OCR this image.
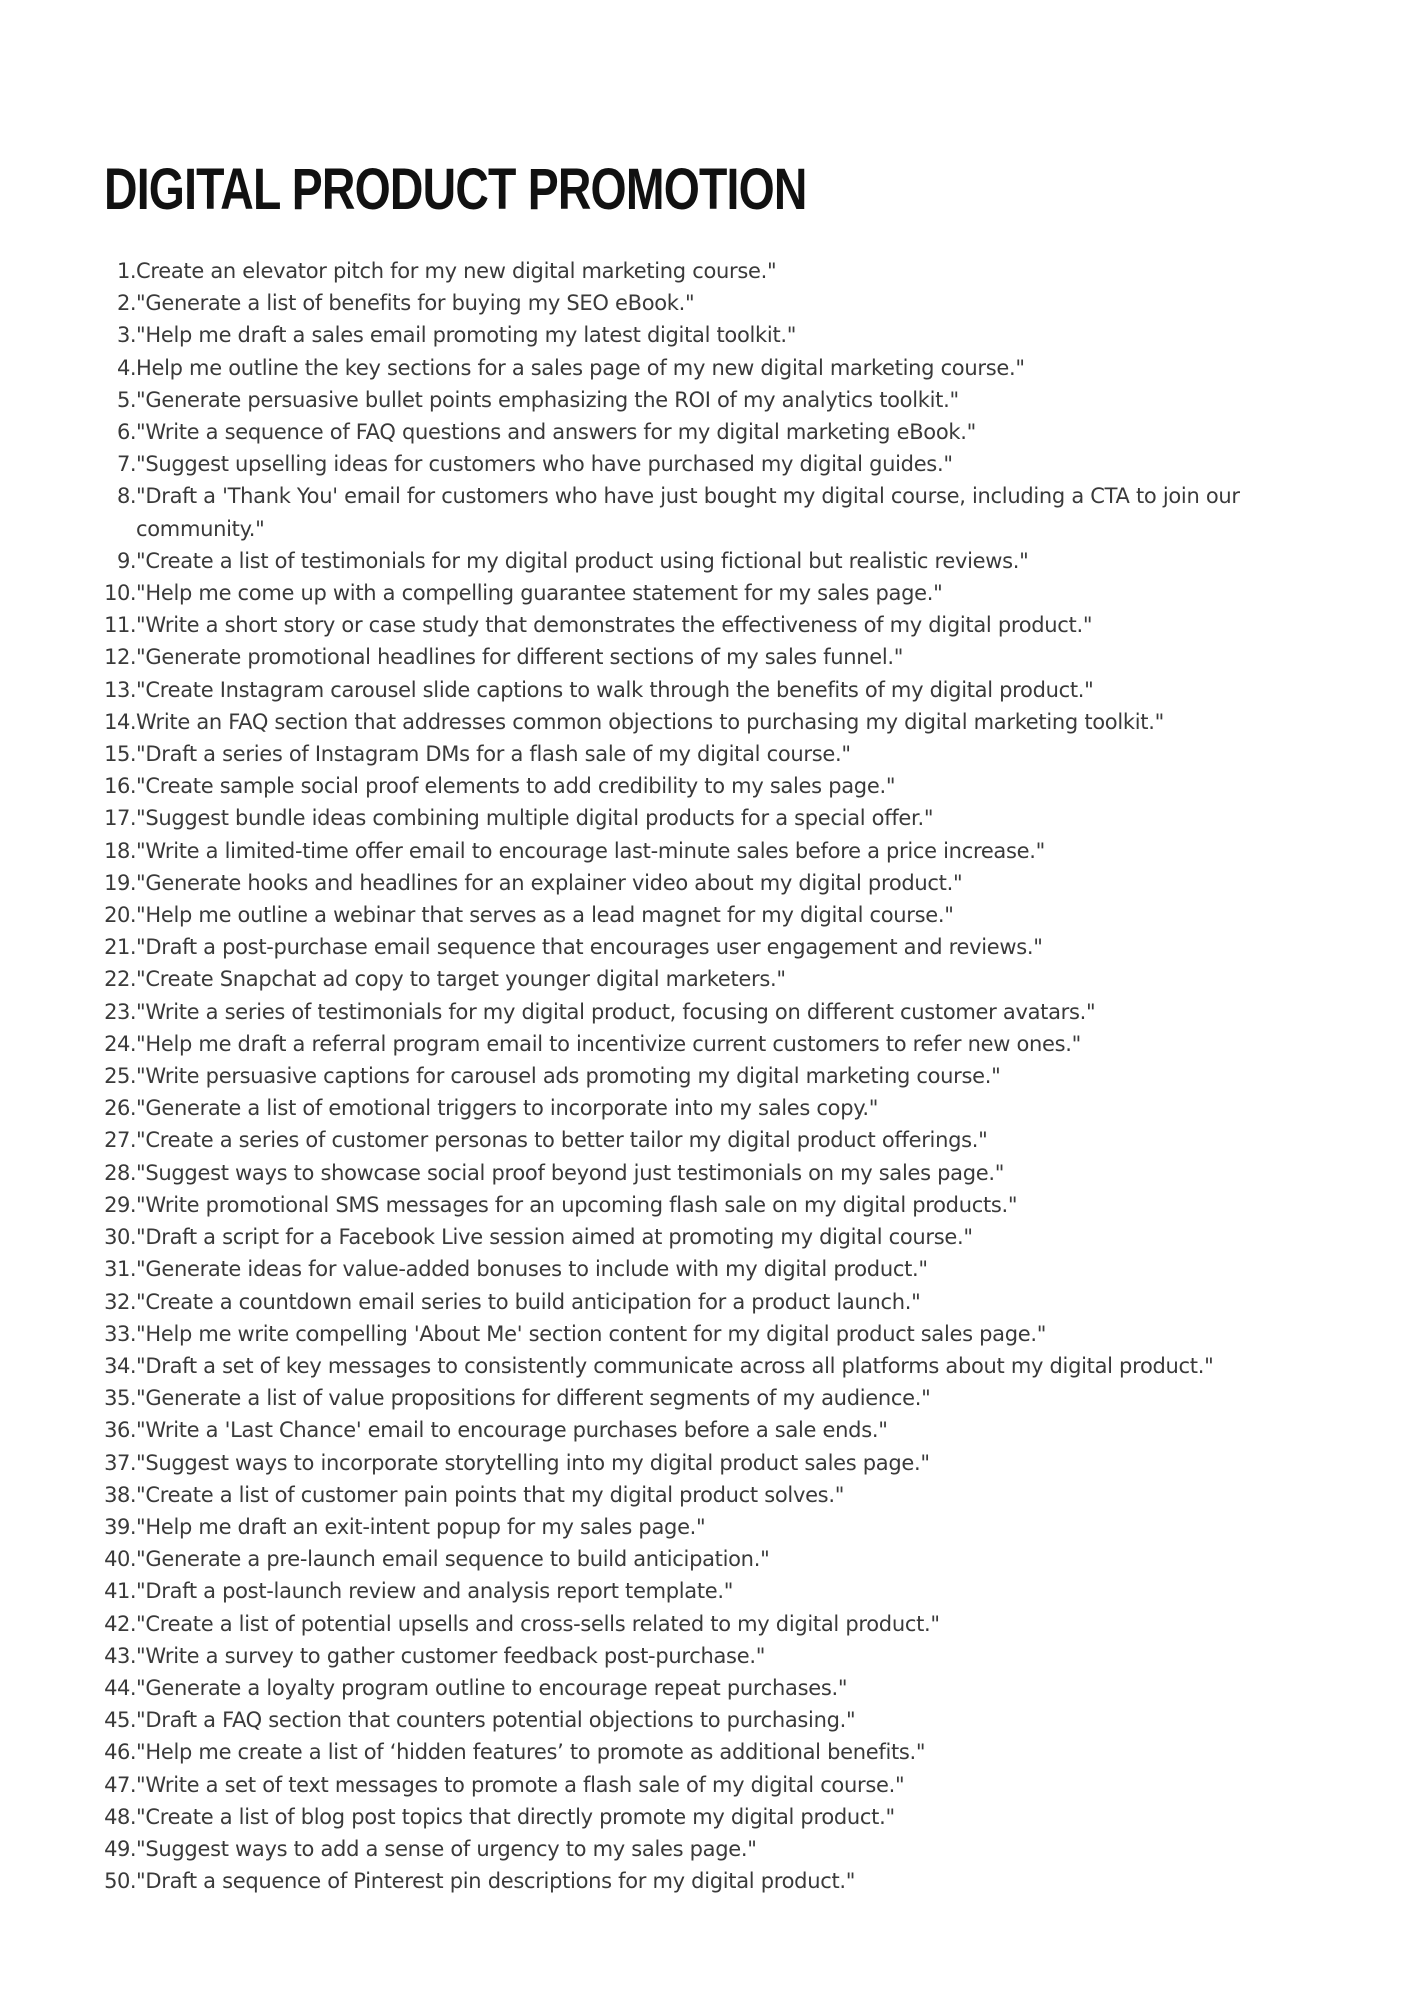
DIGITAL PRODUCT PROMOTION
1. Create an elevator pitch for my new digital marketing course."
2. "Generate a list of benefits for buying my SEO eBook."
3. "Help me draft a sales email promoting my latest digital toolkit."
4. Help me outline the key sections for a sales page of my new digital marketing course."
5. "Generate persuasive bullet points emphasizing the ROI of my analytics toolkit."
6. "Write a sequence of FAQ questions and answers for my digital marketing eBook."
7. "Suggest upselling ideas for customers who have purchased my digital guides."
8. "Draft a 'Thank You' email for customers who have just bought my digital course, including a CTA to join our community."
9. "Create a list of testimonials for my digital product using fictional but realistic reviews."
10. "Help me come up with a compelling guarantee statement for my sales page."
11. "Write a short story or case study that demonstrates the effectiveness of my digital product."
12. "Generate promotional headlines for different sections of my sales funnel."
13. "Create Instagram carousel slide captions to walk through the benefits of my digital product."
14. Write an FAQ section that addresses common objections to purchasing my digital marketing toolkit."
15. "Draft a series of Instagram DMs for a flash sale of my digital course."
16. "Create sample social proof elements to add credibility to my sales page."
17. "Suggest bundle ideas combining multiple digital products for a special offer."
18. "Write a limited-time offer email to encourage last-minute sales before a price increase."
19. "Generate hooks and headlines for an explainer video about my digital product."
20. "Help me outline a webinar that serves as a lead magnet for my digital course."
21. "Draft a post-purchase email sequence that encourages user engagement and reviews."
22. "Create Snapchat ad copy to target younger digital marketers."
23. "Write a series of testimonials for my digital product, focusing on different customer avatars."
24. "Help me draft a referral program email to incentivize current customers to refer new ones."
25. "Write persuasive captions for carousel ads promoting my digital marketing course."
26. "Generate a list of emotional triggers to incorporate into my sales copy."
27. "Create a series of customer personas to better tailor my digital product offerings."
28. "Suggest ways to showcase social proof beyond just testimonials on my sales page."
29. "Write promotional SMS messages for an upcoming flash sale on my digital products."
30. "Draft a script for a Facebook Live session aimed at promoting my digital course."
31. "Generate ideas for value-added bonuses to include with my digital product."
32. "Create a countdown email series to build anticipation for a product launch."
33. "Help me write compelling 'About Me' section content for my digital product sales page."
34. "Draft a set of key messages to consistently communicate across all platforms about my digital product."
35. "Generate a list of value propositions for different segments of my audience."
36. "Write a 'Last Chance' email to encourage purchases before a sale ends."
37. "Suggest ways to incorporate storytelling into my digital product sales page."
38. "Create a list of customer pain points that my digital product solves."
39. "Help me draft an exit-intent popup for my sales page."
40. "Generate a pre-launch email sequence to build anticipation."
41. "Draft a post-launch review and analysis report template."
42. "Create a list of potential upsells and cross-sells related to my digital product."
43. "Write a survey to gather customer feedback post-purchase."
44. "Generate a loyalty program outline to encourage repeat purchases."
45. "Draft a FAQ section that counters potential objections to purchasing."
46. "Help me create a list of ‘hidden features’ to promote as additional benefits."
47. "Write a set of text messages to promote a flash sale of my digital course."
48. "Create a list of blog post topics that directly promote my digital product."
49. "Suggest ways to add a sense of urgency to my sales page."
50. "Draft a sequence of Pinterest pin descriptions for my digital product."
